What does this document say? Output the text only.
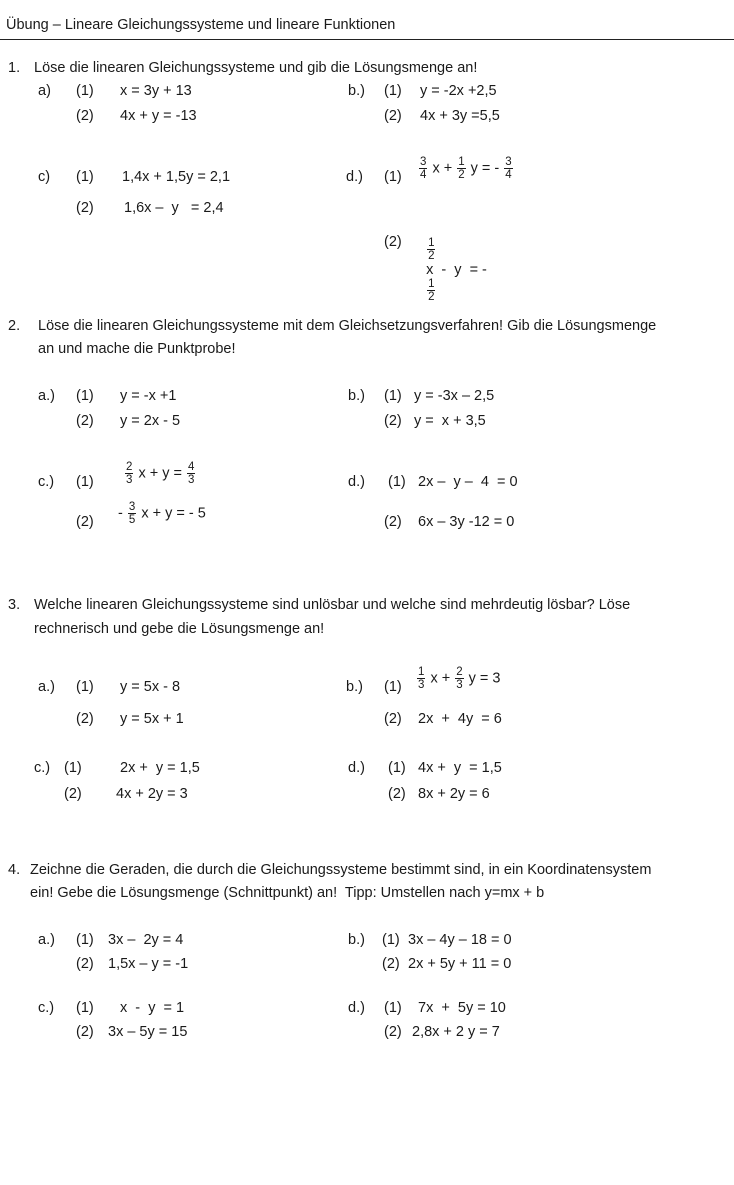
Übung – Lineare Gleichungssysteme und lineare Funktionen
1. Löse die linearen Gleichungssysteme und gib die Lösungsmenge an!
a) (1) x = 3y + 13
(2) 4x + y = -13
b.) (1) y = -2x +2,5
(2) 4x + 3y =5,5
c) (1) 1,4x + 1,5y = 2,1
(2) 1,6x –  y   = 2,4
d.) $(1) \frac{3}{4}$ $x + \frac{1}{2}$ y = - $\frac{3}{4}$
(2)

$\frac{1}{2}$

x  -  y  = -

$\frac{1}{2}$

2. Löse die linearen Gleichungssysteme mit dem Gleichsetzungsverfahren! Gib die Lösungsmenge
an und mache die Punktprobe!
a.) (1) y = -x +1
(2) y = 2x - 5
b.) (1) y = -3x – 2,5
(2) y =  x + 3,5
c.) (1)	$\frac{2}{3}$ $x + y = \frac{4}{3}$
(2)
- $\frac{3}{5}$ x + y = - 5
d.) (1) 2x –  y –  4  = 0
(2) 6x – 3y -12 = 0
3. Welche linearen Gleichungssysteme sind unlösbar und welche sind mehrdeutig lösbar? Löse
rechnerisch und gebe die Lösungsmenge an!
a.) (1) y = 5x - 8
(2) y = 5x + 1
b.) $(1) \frac{1}{3}$ $x + \frac{2}{3}$ y = 3
(2) 2x  +  4y  = 6
c.) (1)	2x +  y = 1,5
(2) 4x + 2y = 3
d.) (1) 4x +  y  = 1,5
(2) 8x + 2y = 6
4. Zeichne die Geraden, die durch die Gleichungssysteme bestimmt sind, in ein Koordinatensystem
ein! Gebe die Lösungsmenge (Schnittpunkt) an!  Tipp: Umstellen nach y=mx + b
a.) (1) 3x –  2y = 4
(2) 1,5x – y = -1
b.) (1) 3x – 4y – 18 = 0
(2) 2x + 5y + 11 = 0
c.) (1) x  -  y  = 1
(2) 3x – 5y = 15
d.) (1) 7x  +  5y = 10
(2) 2,8x + 2 y = 7
